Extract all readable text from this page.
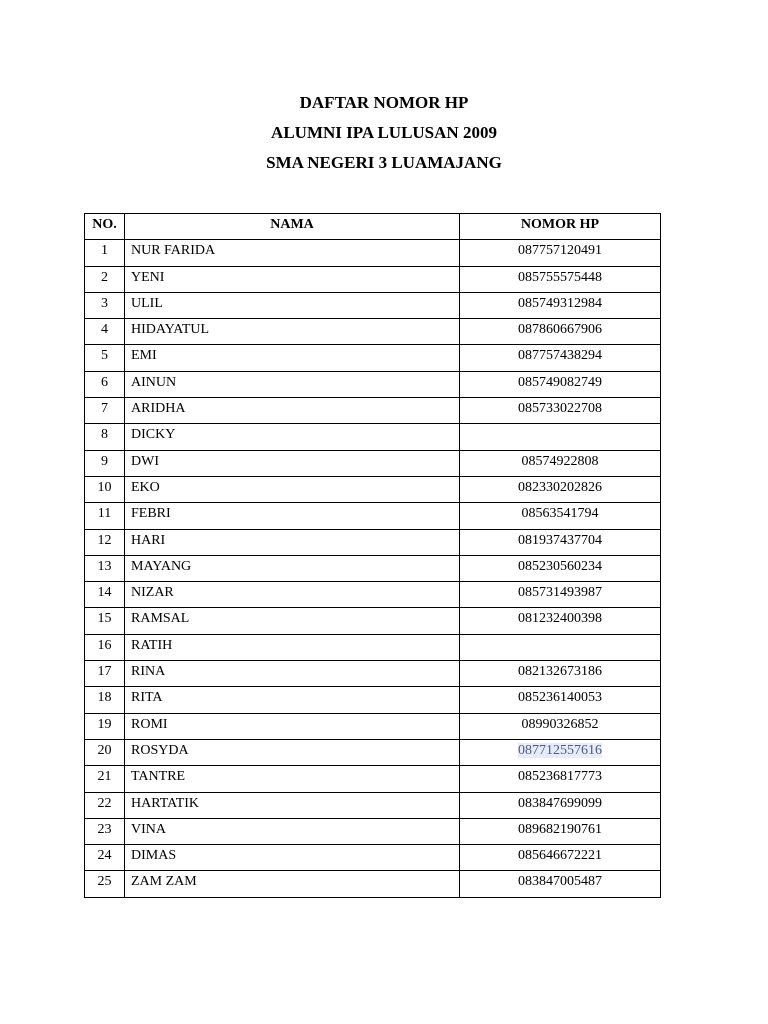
DAFTAR NOMOR HP
ALUMNI IPA LULUSAN 2009
SMA NEGERI 3 LUAMAJANG
NO.	NAMA	NOMOR HP
1	NUR FARIDA	087757120491
2	YENI	085755575448
3	ULIL	085749312984
4	HIDAYATUL	087860667906
5	EMI	087757438294
6	AINUN	085749082749
7	ARIDHA	085733022708
8	DICKY	
9	DWI	08574922808
10	EKO	082330202826
11	FEBRI	08563541794
12	HARI	081937437704
13	MAYANG	085230560234
14	NIZAR	085731493987
15	RAMSAL	081232400398
16	RATIH	
17	RINA	082132673186
18	RITA	085236140053
19	ROMI	08990326852
20	ROSYDA	087712557616
21	TANTRE	085236817773
22	HARTATIK	083847699099
23	VINA	089682190761
24	DIMAS	085646672221
25	ZAM ZAM	083847005487
